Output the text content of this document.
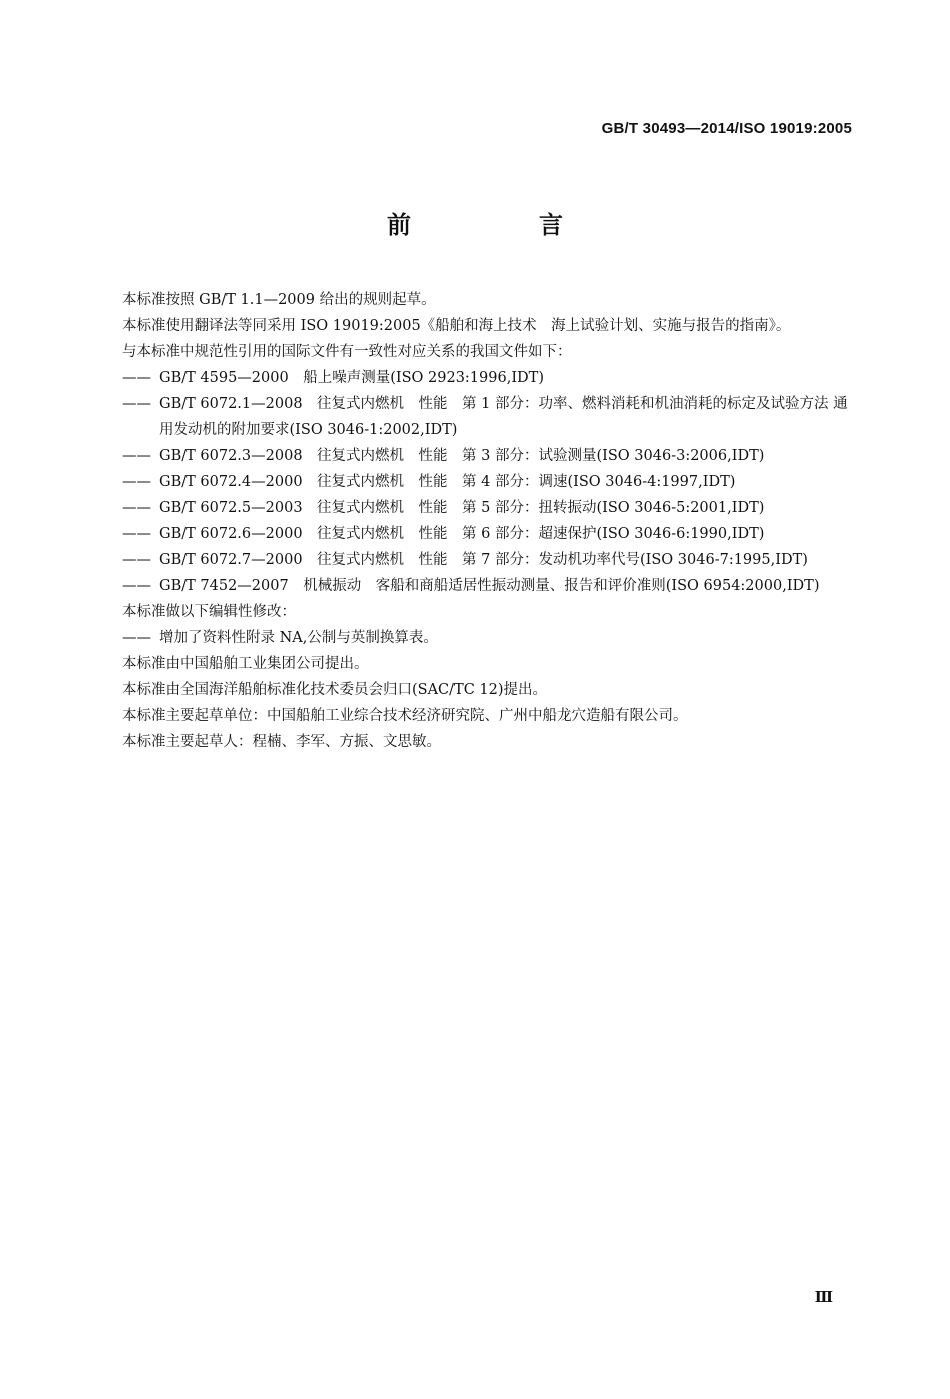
GB/T 30493—2014/ISO 19019:2005
前　言

本标准按照 GB/T 1.1—2009 给出的规则起草。

本标准使用翻译法等同采用 ISO 19019:2005《船舶和海上技术　海上试验计划、实施与报告的指南》。

与本标准中规范性引用的国际文件有一致性对应关系的我国文件如下：

—— GB/T 4595—2000　船上噪声测量(ISO 2923:1996,IDT)
—— GB/T 6072.1—2008　往复式内燃机　性能　第 1 部分：功率、燃料消耗和机油消耗的标定及试验方法 通用发动机的附加要求(ISO 3046-1:2002,IDT)
—— GB/T 6072.3—2008　往复式内燃机　性能　第 3 部分：试验测量(ISO 3046-3:2006,IDT)
—— GB/T 6072.4—2000　往复式内燃机　性能　第 4 部分：调速(ISO 3046-4:1997,IDT)
—— GB/T 6072.5—2003　往复式内燃机　性能　第 5 部分：扭转振动(ISO 3046-5:2001,IDT)
—— GB/T 6072.6—2000　往复式内燃机　性能　第 6 部分：超速保护(ISO 3046-6:1990,IDT)
—— GB/T 6072.7—2000　往复式内燃机　性能　第 7 部分：发动机功率代号(ISO 3046-7:1995,IDT)
—— GB/T 7452—2007　机械振动　客船和商船适居性振动测量、报告和评价准则(ISO 6954:2000,IDT)

本标准做以下编辑性修改：

—— 增加了资料性附录 NA,公制与英制换算表。

本标准由中国船舶工业集团公司提出。

本标准由全国海洋船舶标准化技术委员会归口(SAC/TC 12)提出。

本标准主要起草单位：中国船舶工业综合技术经济研究院、广州中船龙穴造船有限公司。

本标准主要起草人：程楠、李军、方振、文思敏。

Ⅲ
